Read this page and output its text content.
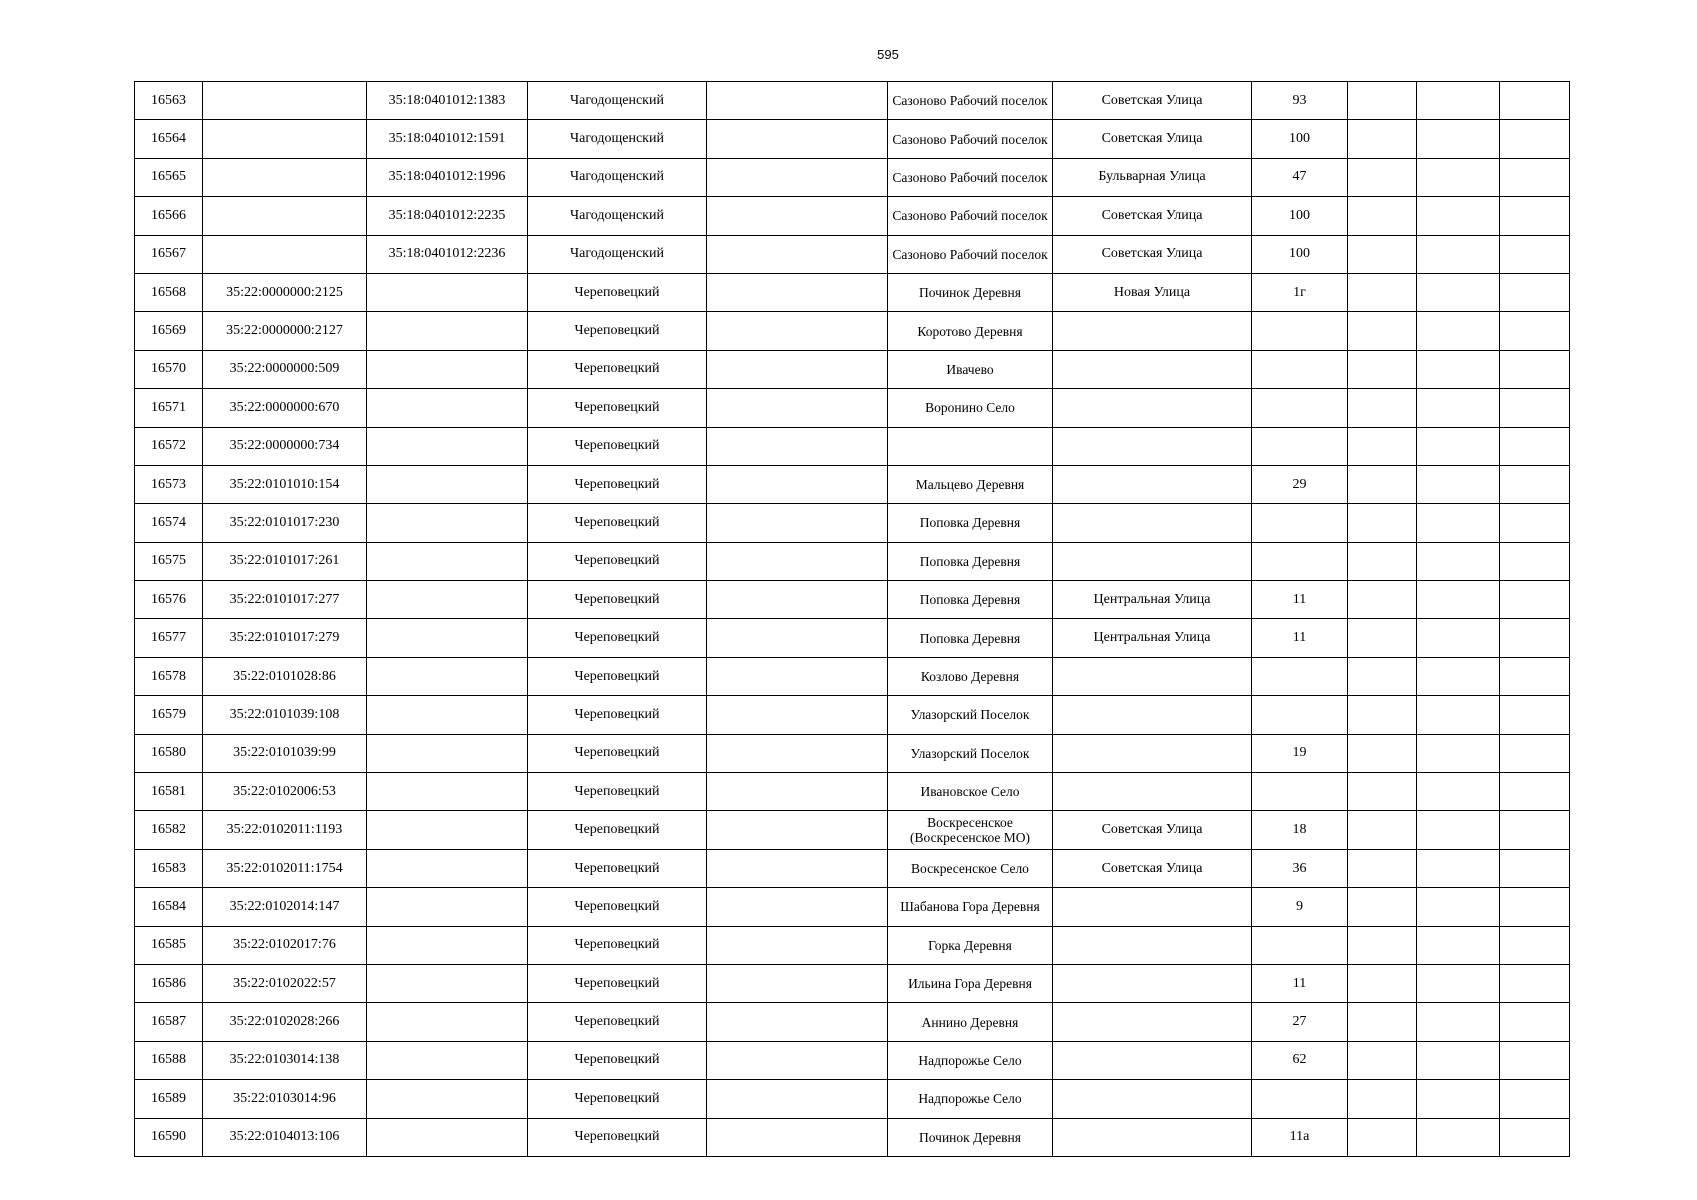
595
16563		35:18:0401012:1383	Чагодощенский		Сазоново Рабочий поселок	Советская Улица	93			
16564		35:18:0401012:1591	Чагодощенский		Сазоново Рабочий поселок	Советская Улица	100			
16565		35:18:0401012:1996	Чагодощенский		Сазоново Рабочий поселок	Бульварная Улица	47			
16566		35:18:0401012:2235	Чагодощенский		Сазоново Рабочий поселок	Советская Улица	100			
16567		35:18:0401012:2236	Чагодощенский		Сазоново Рабочий поселок	Советская Улица	100			
16568	35:22:0000000:2125		Череповецкий		Починок Деревня	Новая Улица	1г			
16569	35:22:0000000:2127		Череповецкий		Коротово Деревня					
16570	35:22:0000000:509		Череповецкий		Ивачево					
16571	35:22:0000000:670		Череповецкий		Воронино Село					
16572	35:22:0000000:734		Череповецкий							
16573	35:22:0101010:154		Череповецкий		Мальцево Деревня		29			
16574	35:22:0101017:230		Череповецкий		Поповка Деревня					
16575	35:22:0101017:261		Череповецкий		Поповка Деревня					
16576	35:22:0101017:277		Череповецкий		Поповка Деревня	Центральная Улица	11			
16577	35:22:0101017:279		Череповецкий		Поповка Деревня	Центральная Улица	11			
16578	35:22:0101028:86		Череповецкий		Козлово Деревня					
16579	35:22:0101039:108		Череповецкий		Улазорский Поселок					
16580	35:22:0101039:99		Череповецкий		Улазорский Поселок		19			
16581	35:22:0102006:53		Череповецкий		Ивановское Село					
16582	35:22:0102011:1193		Череповецкий		Воскресенское (Воскресенское МО)	Советская Улица	18			
16583	35:22:0102011:1754		Череповецкий		Воскресенское Село	Советская Улица	36			
16584	35:22:0102014:147		Череповецкий		Шабанова Гора Деревня		9			
16585	35:22:0102017:76		Череповецкий		Горка Деревня					
16586	35:22:0102022:57		Череповецкий		Ильина Гора Деревня		11			
16587	35:22:0102028:266		Череповецкий		Аннино Деревня		27			
16588	35:22:0103014:138		Череповецкий		Надпорожье Село		62			
16589	35:22:0103014:96		Череповецкий		Надпорожье Село					
16590	35:22:0104013:106		Череповецкий		Починок Деревня		11а			
